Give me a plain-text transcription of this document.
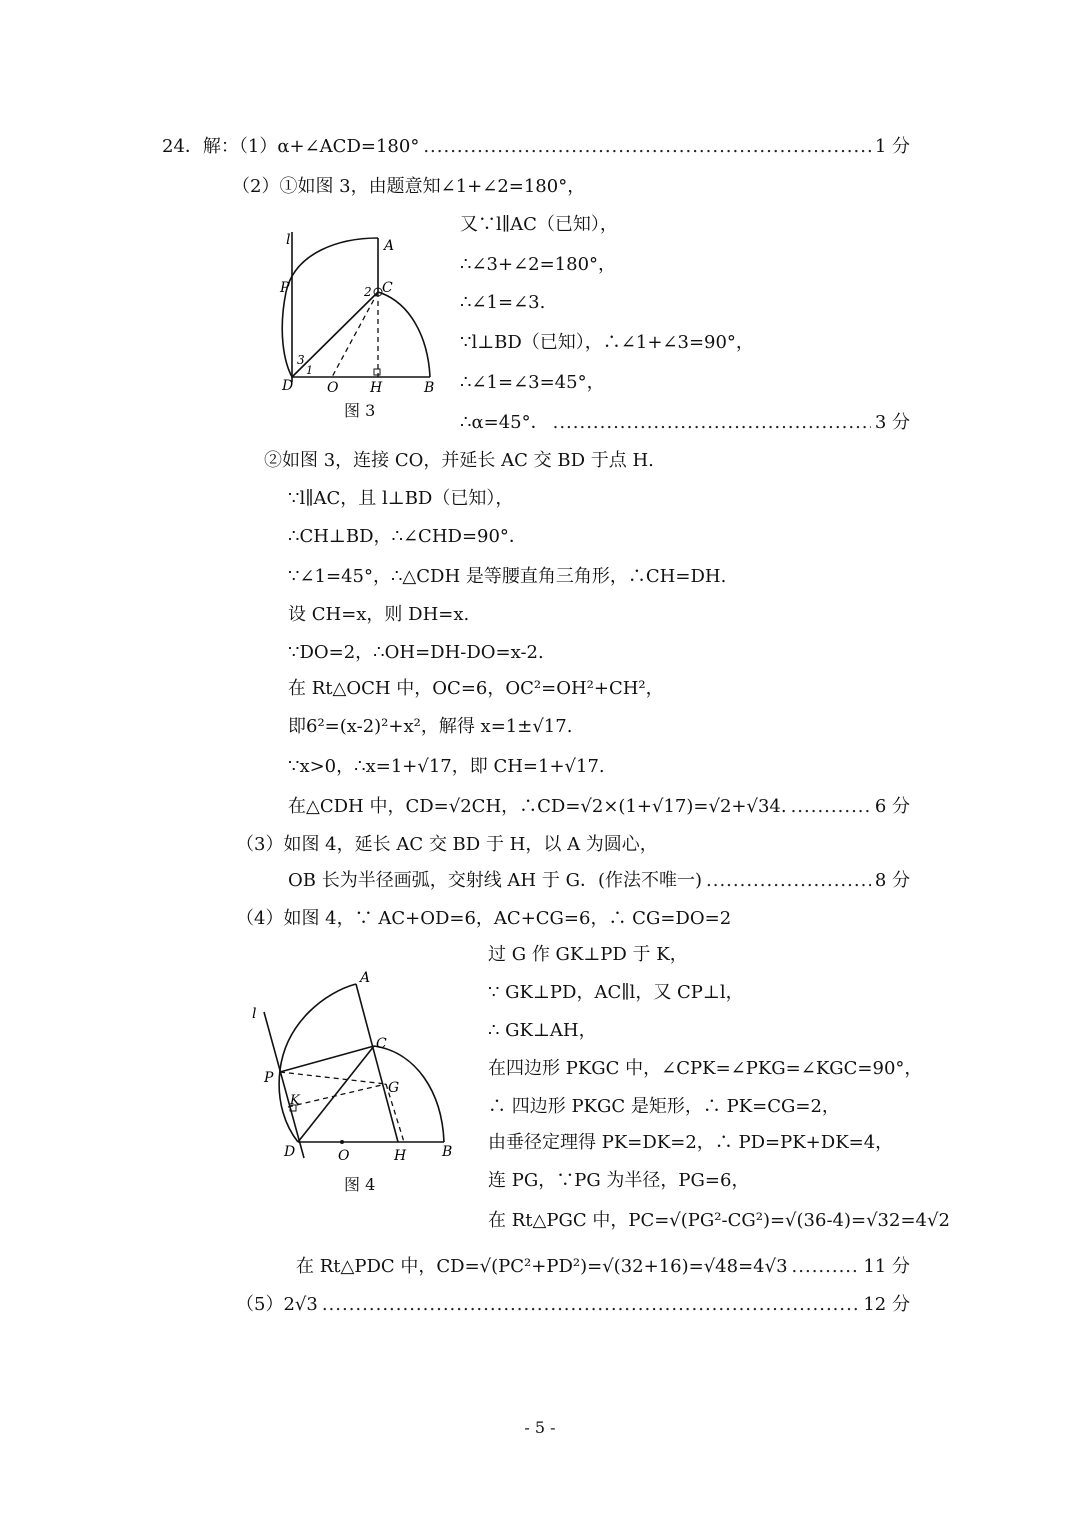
24．解：（1）α+∠ACD=180° .....	1 分
（2）①如图 3，由题意知∠1+∠2=180°，
l	A
P	C
2
3
1
D O H	B
图 3
又∵l∥AC（已知），
∴∠3+∠2=180°，
∴∠1=∠3.
∵l⊥BD（已知），∴∠1+∠3=90°，
∴∠1=∠3=45°，
∴α=45°． .....	3 分
②如图 3，连接 CO，并延长 AC 交 BD 于点 H.
∵l∥AC，且 l⊥BD（已知），
∴CH⊥BD，∴∠CHD=90°．
∵∠1=45°，∴△CDH 是等腰直角三角形，∴CH=DH.
设 CH=x，则 DH=x.
∵DO=2，∴OH=DH-DO=x-2.
在 Rt△OCH 中，OC=6，OC²=OH²+CH²，
即6²=(x-2)²+x²，解得 x=1±√17.
∵x>0，∴x=1+√17，即 CH=1+√17.
在△CDH 中，CD=√2CH，∴CD=√2×(1+√17)=√2+√34. .....	6 分
（3）如图 4，延长 AC 交 BD 于 H，以 A 为圆心，
OB 长为半径画弧，交射线 AH 于 G．(作法不唯一) .....	8 分
（4）如图 4，∵ AC+OD=6，AC+CG=6，∴ CG=DO=2
l
A
C
P
G
K
D	O	H	B
图 4
过 G 作 GK⊥PD 于 K，
∵ GK⊥PD，AC∥l，又 CP⊥l，
∴ GK⊥AH，
在四边形 PKGC 中，∠CPK=∠PKG=∠KGC=90°，
∴ 四边形 PKGC 是矩形，∴ PK=CG=2，
由垂径定理得 PK=DK=2，∴ PD=PK+DK=4，
连 PG，∵PG 为半径，PG=6，
在 Rt△PGC 中，PC=√(PG²-CG²)=√(36-4)=√32=4√2
在 Rt△PDC 中，CD=√(PC²+PD²)=√(32+16)=√48=4√3 .....	11 分
（5）2√3 .....	12 分
- 5 -
